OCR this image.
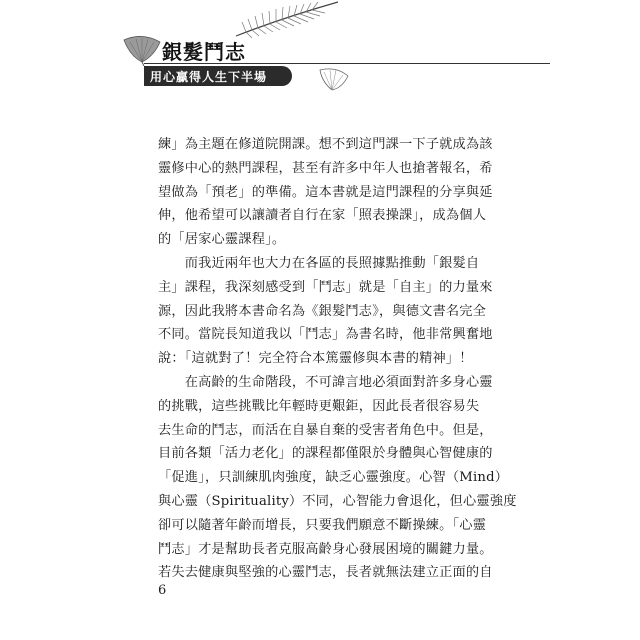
銀髮鬥志
用心贏得人生下半場
練」為主題在修道院開課。想不到這門課一下子就成為該
靈修中心的熱門課程，甚至有許多中年人也搶著報名，希
望做為「預老」的準備。這本書就是這門課程的分享與延
伸，他希望可以讓讀者自行在家「照表操課」，成為個人
的「居家心靈課程」。
　　而我近兩年也大力在各區的長照據點推動「銀髮自
主」課程，我深刻感受到「鬥志」就是「自主」的力量來
源，因此我將本書命名為《銀髮鬥志》，與德文書名完全
不同。當院長知道我以「鬥志」為書名時，他非常興奮地
說：「這就對了！完全符合本篤靈修與本書的精神」！
　　在高齡的生命階段，不可諱言地必須面對許多身心靈
的挑戰，這些挑戰比年輕時更艱鉅，因此長者很容易失
去生命的鬥志，而活在自暴自棄的受害者角色中。但是，
目前各類「活力老化」的課程都僅限於身體與心智健康的
「促進」，只訓練肌肉強度，缺乏心靈強度。心智（Mind）
與心靈（Spirituality）不同，心智能力會退化，但心靈強度
卻可以隨著年齡而增長，只要我們願意不斷操練。「心靈
鬥志」才是幫助長者克服高齡身心發展困境的關鍵力量。
若失去健康與堅強的心靈鬥志，長者就無法建立正面的自
6
